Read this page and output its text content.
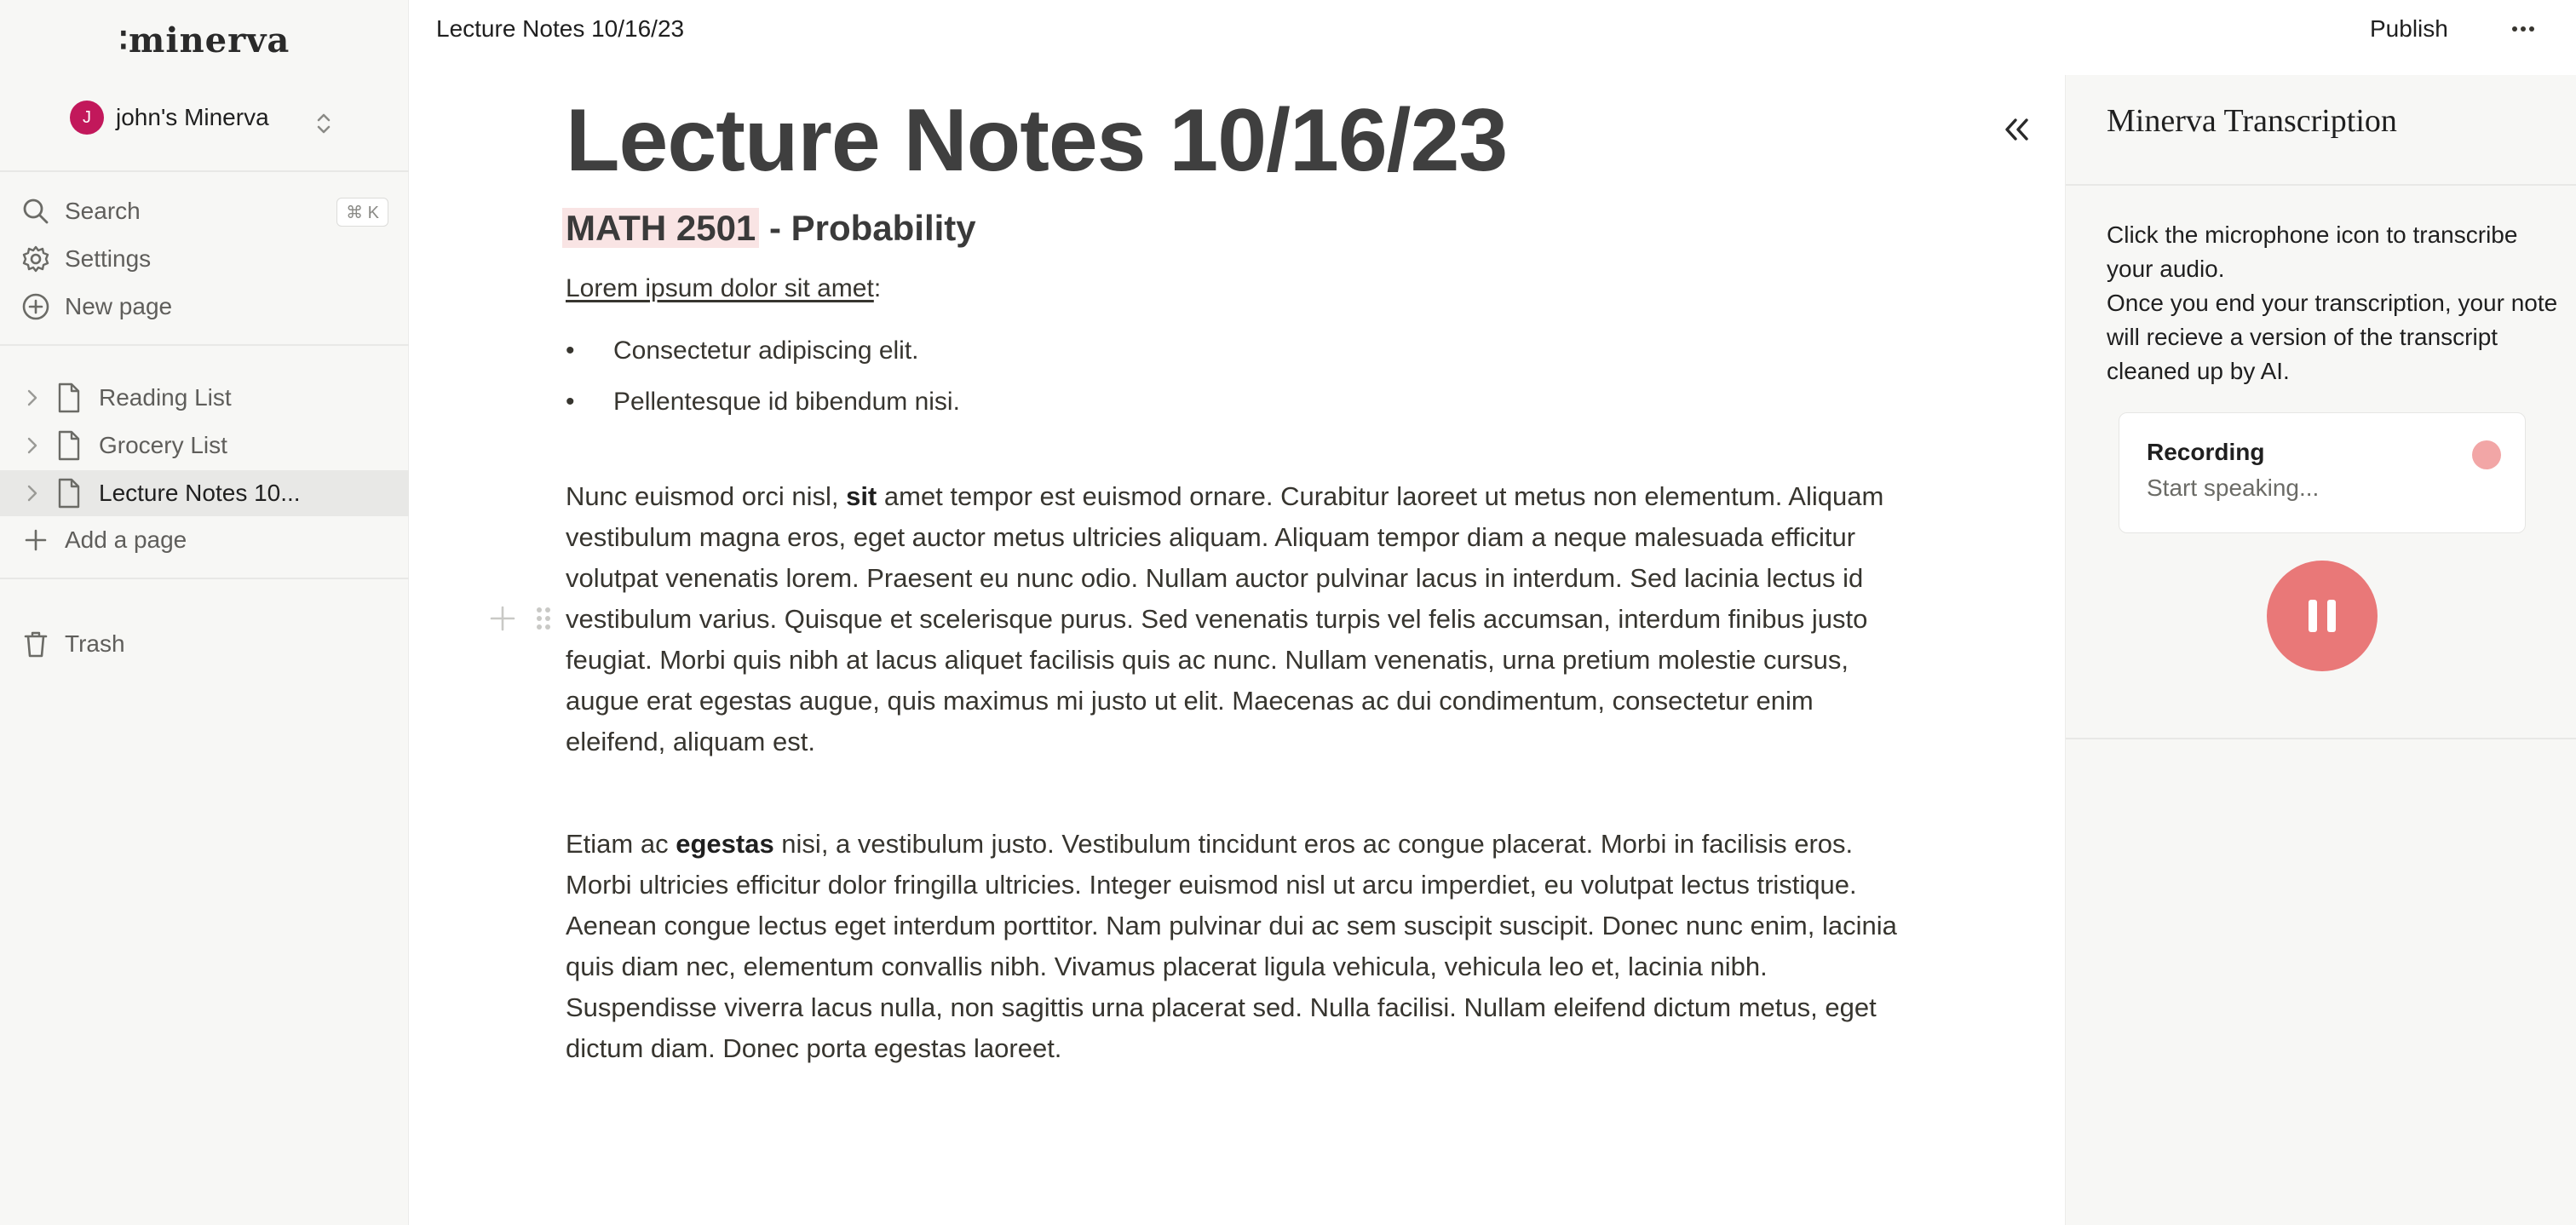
∶minerva
J	john's Minerva
Search	⌘ K
Settings
New page
Reading List
Grocery List
Lecture Notes 10...
Add a page
Trash
Lecture Notes 10/16/23	Publish
Lecture Notes 10/16/23
MATH 2501 - Probability
Lorem ipsum dolor sit amet:
• Consectetur adipiscing elit.
• Pellentesque id bibendum nisi.

Nunc euismod orci nisl, sit amet tempor est euismod ornare. Curabitur laoreet ut metus non elementum. Aliquam vestibulum magna eros, eget auctor metus ultricies aliquam. Aliquam tempor diam a neque malesuada efficitur volutpat venenatis lorem. Praesent eu nunc odio. Nullam auctor pulvinar lacus in interdum. Sed lacinia lectus id vestibulum varius. Quisque et scelerisque purus. Sed venenatis turpis vel felis accumsan, interdum finibus justo feugiat. Morbi quis nibh at lacus aliquet facilisis quis ac nunc. Nullam venenatis, urna pretium molestie cursus, augue erat egestas augue, quis maximus mi justo ut elit. Maecenas ac dui condimentum, consectetur enim eleifend, aliquam est.

Etiam ac egestas nisi, a vestibulum justo. Vestibulum tincidunt eros ac congue placerat. Morbi in facilisis eros. Morbi ultricies efficitur dolor fringilla ultricies. Integer euismod nisl ut arcu imperdiet, eu volutpat lectus tristique. Aenean congue lectus eget interdum porttitor. Nam pulvinar dui ac sem suscipit suscipit. Donec nunc enim, lacinia quis diam nec, elementum convallis nibh. Vivamus placerat ligula vehicula, vehicula leo et, lacinia nibh. Suspendisse viverra lacus nulla, non sagittis urna placerat sed. Nulla facilisi. Nullam eleifend dictum metus, eget dictum diam. Donec porta egestas laoreet.

Minerva Transcription
Click the microphone icon to transcribe your audio.
Once you end your transcription, your note will recieve a version of the transcript cleaned up by AI.
Recording
Start speaking...
